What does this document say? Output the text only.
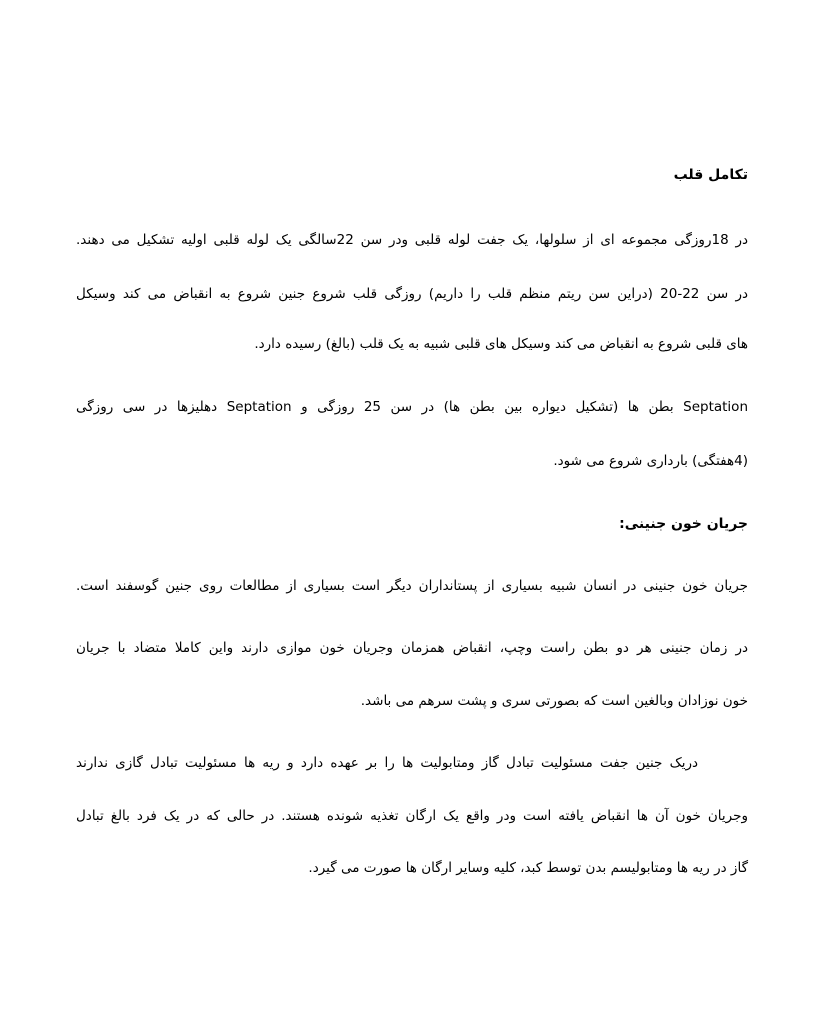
تکامل قلب
در 18روزگی مجموعه ای از سلولها، یک جفت لوله قلبی ودر سن 22سالگی یک لوله قلبی اولیه تشکیل می دهند.
در سن 22-20 (دراین سن ریتم منظم قلب را داریم) روزگی قلب شروع جنین شروع به انقباض می کند وسیکل
های قلبی شروع به انقباض می کند وسیکل های قلبی شبیه به یک قلب (بالغ) رسیده دارد.
Septation بطن ها (تشکیل دیواره بین بطن ها) در سن 25 روزگی و Septation دهلیزها در سی روزگی
(4هفتگی) بارداری شروع می شود.
جریان خون جنینی:
جریان خون جنینی در انسان شبیه بسیاری از پستانداران دیگر است بسیاری از مطالعات روی جنین گوسفند است.
در زمان جنینی هر دو بطن راست وچپ، انقباض همزمان وجریان خون موازی دارند واین کاملا متضاد با جریان
خون نوزادان وبالغین است که بصورتی سری و پشت سرهم می باشد.
دریک جنین جفت مسئولیت تبادل گاز ومتابولیت ها را بر عهده دارد و ریه ها مسئولیت تبادل گازی ندارند
وجریان خون آن ها انقباض یافته است ودر واقع یک ارگان تغذیه شونده هستند. در حالی که در یک فرد بالغ تبادل
گاز در ریه ها ومتابولیسم بدن توسط کبد، کلیه وسایر ارگان ها صورت می گیرد.
